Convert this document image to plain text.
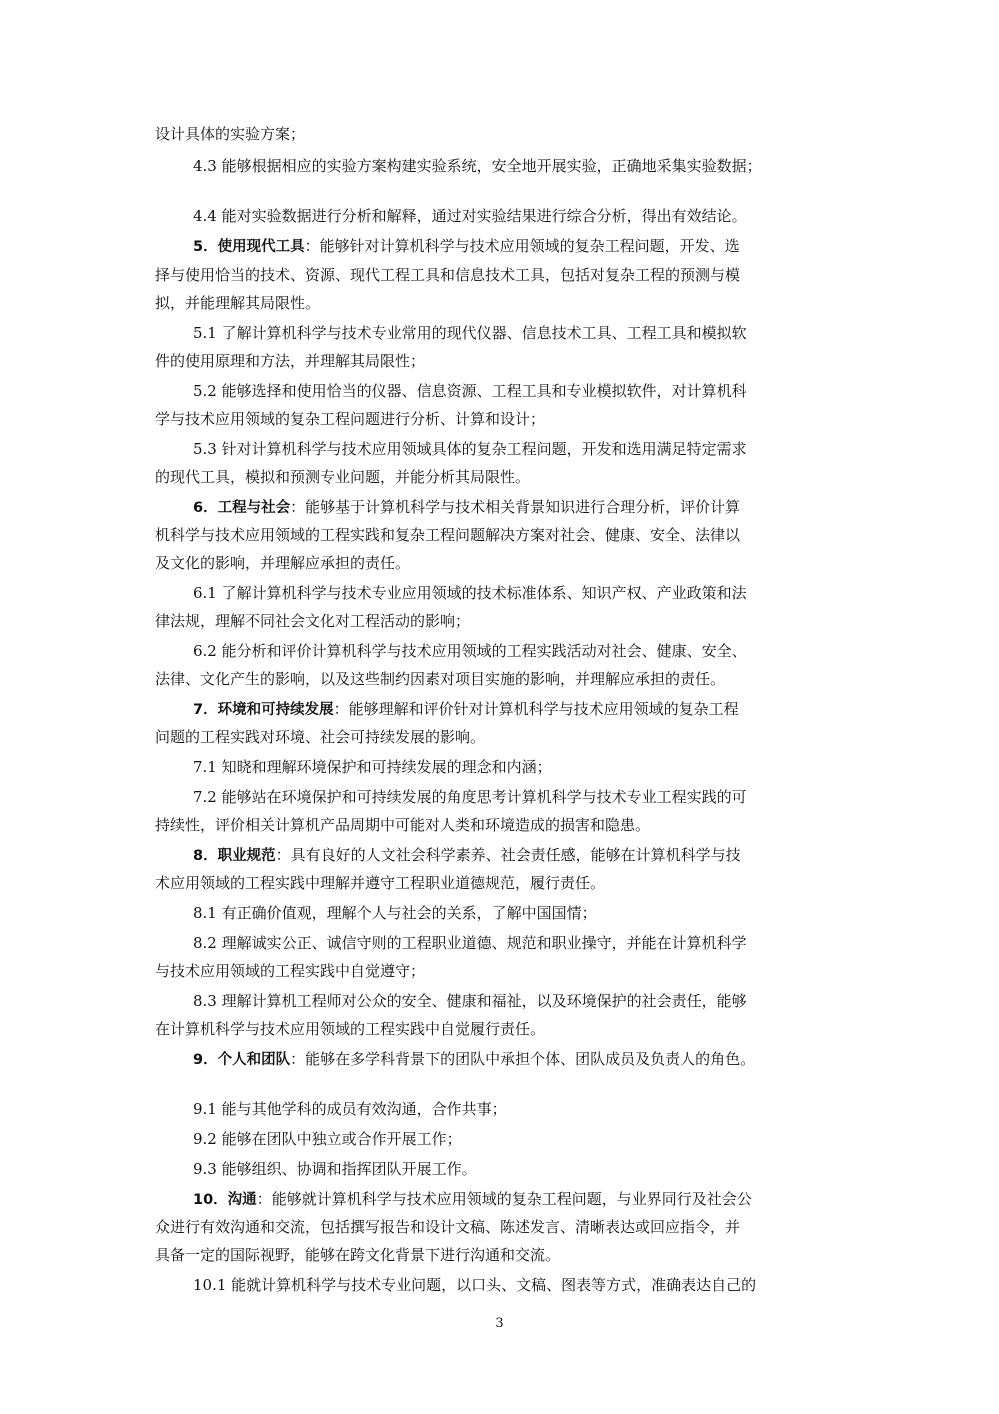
设计具体的实验方案；
4.3 能够根据相应的实验方案构建实验系统，安全地开展实验，正确地采集实验数据；
4.4 能对实验数据进行分析和解释，通过对实验结果进行综合分析，得出有效结论。
5．使用现代工具：能够针对计算机科学与技术应用领域的复杂工程问题，开发、选
择与使用恰当的技术、资源、现代工程工具和信息技术工具，包括对复杂工程的预测与模
拟，并能理解其局限性。
5.1 了解计算机科学与技术专业常用的现代仪器、信息技术工具、工程工具和模拟软
件的使用原理和方法，并理解其局限性；
5.2 能够选择和使用恰当的仪器、信息资源、工程工具和专业模拟软件，对计算机科
学与技术应用领域的复杂工程问题进行分析、计算和设计；
5.3 针对计算机科学与技术应用领域具体的复杂工程问题，开发和选用满足特定需求
的现代工具，模拟和预测专业问题，并能分析其局限性。
6．工程与社会：能够基于计算机科学与技术相关背景知识进行合理分析，评价计算
机科学与技术应用领域的工程实践和复杂工程问题解决方案对社会、健康、安全、法律以
及文化的影响，并理解应承担的责任。
6.1 了解计算机科学与技术专业应用领域的技术标准体系、知识产权、产业政策和法
律法规，理解不同社会文化对工程活动的影响；
6.2 能分析和评价计算机科学与技术应用领域的工程实践活动对社会、健康、安全、
法律、文化产生的影响，以及这些制约因素对项目实施的影响，并理解应承担的责任。
7．环境和可持续发展：能够理解和评价针对计算机科学与技术应用领域的复杂工程
问题的工程实践对环境、社会可持续发展的影响。
7.1 知晓和理解环境保护和可持续发展的理念和内涵；
7.2 能够站在环境保护和可持续发展的角度思考计算机科学与技术专业工程实践的可
持续性，评价相关计算机产品周期中可能对人类和环境造成的损害和隐患。
8．职业规范：具有良好的人文社会科学素养、社会责任感，能够在计算机科学与技
术应用领域的工程实践中理解并遵守工程职业道德规范，履行责任。
8.1 有正确价值观，理解个人与社会的关系，了解中国国情；
8.2 理解诚实公正、诚信守则的工程职业道德、规范和职业操守，并能在计算机科学
与技术应用领域的工程实践中自觉遵守；
8.3 理解计算机工程师对公众的安全、健康和福祉，以及环境保护的社会责任，能够
在计算机科学与技术应用领域的工程实践中自觉履行责任。
9．个人和团队：能够在多学科背景下的团队中承担个体、团队成员及负责人的角色。
9.1 能与其他学科的成员有效沟通，合作共事；
9.2 能够在团队中独立或合作开展工作；
9.3 能够组织、协调和指挥团队开展工作。
10．沟通：能够就计算机科学与技术应用领域的复杂工程问题，与业界同行及社会公
众进行有效沟通和交流，包括撰写报告和设计文稿、陈述发言、清晰表达或回应指令，并
具备一定的国际视野，能够在跨文化背景下进行沟通和交流。
10.1 能就计算机科学与技术专业问题，以口头、文稿、图表等方式，准确表达自己的
3
